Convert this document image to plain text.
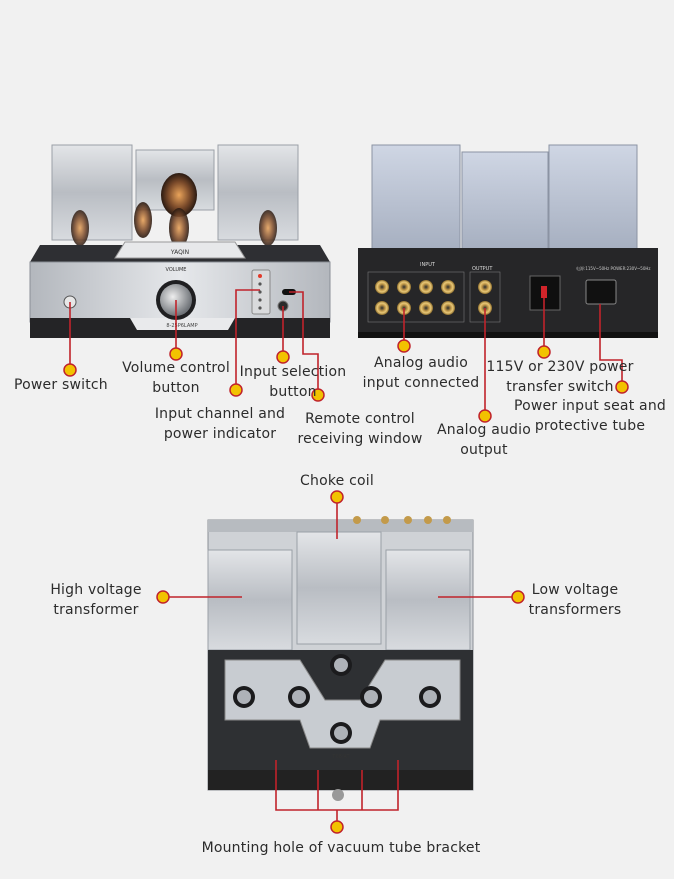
YAQIN
8-25P6LAMP
VOLUME
INPUT
OUTPUT	电源:115V~50Hz POWER:230V~50Hz
T08/AT
Power switch
Volume control
button
Input selection
button
Input channel and
power indicator
Remote control
receiving window
Analog audio
input connected
115V or 230V power
transfer switch
Analog audio
output
Power input seat and
protective tube
Choke coil
High voltage
transformer
Low voltage
transformers
Mounting hole of vacuum tube bracket
